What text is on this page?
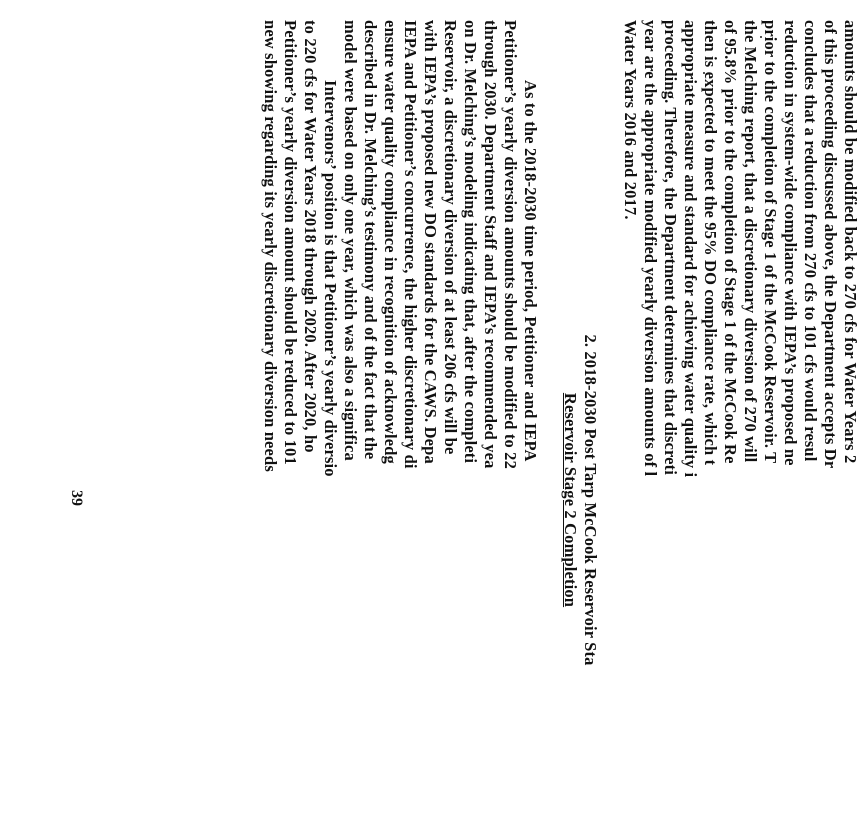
amounts should be modified back to 270 cfs for Water Years 2
of this proceeding discussed above, the Department accepts Dr
concludes that a reduction from 270 cfs to 101 cfs would resul
reduction in system-wide compliance with IEPA’s proposed ne
prior to the completion of Stage 1 of the McCook Reservoir. T
the Melching report, that a discretionary diversion of 270 will
of 95.8% prior to the completion of Stage 1 of the McCook Re
then is expected to meet the 95% DO compliance rate, which t
appropriate measure and standard for achieving water quality i
proceeding. Therefore, the Department determines that discreti
year are the appropriate modified yearly diversion amounts of l
Water Years 2016 and 2017.
2. 2018-2030 Post Tarp McCook Reservoir Sta
Reservoir Stage 2 Completion
As to the 2018-2030 time period, Petitioner and IEPA
Petitioner’s yearly diversion amounts should be modified to 22
through 2030. Department Staff and IEPA’s recommended yea
on Dr. Melching’s modeling indicating that, after the completi
Reservoir, a discretionary diversion of at least 206 cfs will be
with IEPA’s proposed new DO standards for the CAWS. Depa
IEPA and Petitioner’s concurrence, the higher discretionary di
ensure water quality compliance in recognition of acknowledg
described in Dr. Melching’s testimony and of the fact that the
model were based on only one year, which was also a significa
Intervenors’ position is that Petitioner’s yearly diversio
to 220 cfs for Water Years 2018 through 2020. After 2020, ho
Petitioner’s yearly diversion amount should be reduced to 101
new showing regarding its yearly discretionary diversion needs
39
